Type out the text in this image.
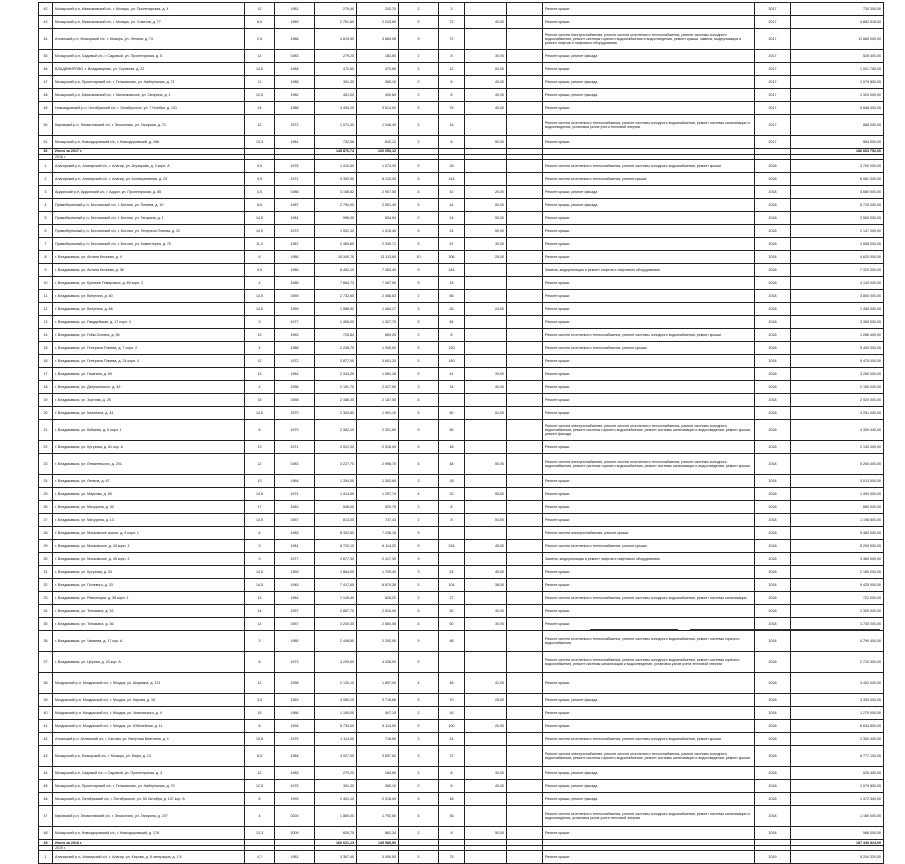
42	Мозырский р-н, Михалковский с/с, г. Мозырь, ул. Пролетарская, д. 4	12	1981	279,40	242,70	2	3			Ремонт крыши	2017	730 300,00
43	Мозырский р-н, Михалковский с/с, г. Мозырь, ул. Советов, д. 77	8,5	1969	2 761,60	2 243,60	5	72	40,00		Ремонт крыши	2017	4 882 518,00
44	Атланский р-н, Мозырский с/с, г. Мозырь, ул. Ленина, д. 74	2,5	1988	4 619,50	3 660,08	9	72			Ремонт систем электроснабжения, ремонт систем отопления и теплоснабжения, ремонт системы холодного водоснабжения, ремонт системы горячего водоснабжения и водоотведения, ремонт крыши, замена, модернизация и ремонт лифтов и лифтового оборудования	2017	11 680 000,00
45	Мозырский р-н, Садовый с/с, г. Садовый, ул. Пролетарская, д. 5	14	1983	279,20	184,60	2	8	30,00		Ремонт крыши, ремонт фасада	2017	526 400,00
46	ВЛАДИМИРОВО, г. Владимирово, ул. Скутиная, д. 22	14,5	1984	470,60	470,60	2	12	53,00		Ремонт крыши	2017	1 001 760,00
47	Мозырский р-н, Пролетарский с/с, г. Тельманово, ул. Набережная, д. 71	11	1985	391,30	365,10	2	8	40,00		Ремонт крыши, ремонт фасада	2017	1 079 800,00
48	Мозырский р-н, Михалковский с/с, г. Михалковское, ул. Гагарина, д. 1	12,5	1982	451,00	400,60	2	8	40,00		Ремонт крыши, ремонт фасада	2017	1 320 000,00
49	Новоаздовский р-н, Октябрьский с/с, г. Октябрьское, ул. 7 Ноября, д. 131	14	1988	3 494,20	3 514,00	5	75	40,00		Ремонт крыши	2017	5 848 400,00
50	Кировский р-н, Эльмотовский с/с, г. Эльмотово, ул. Гагарина, д. 71	12	1972	1 071,40	1 046,40	2	16			Ремонт систем отопления и теплоснабжения, ремонт системы холодного водоснабжения, ремонт системы канализации и водоотведения, установка узлов учета тепловой энергии	2017	888 000,00
51	Мозырский р-н, Новоздоровский с/с, г. Новоздоровский, д. 166	13,3	1981	732,06	642,12	2	8	50,00		Ремонт крыши	2017	584 000,00
52	Итого за 2017 г.			145 876,74	120 050,12							186 663 752,00
	2018 г.											
1	Алагирский р-н, Алагирский с/с, г. Алагир, ул. Агузарова, д. 3 корп. А	4,5	1976	1 410,60	1 274,30	5	28			Ремонт систем отопления и теплоснабжения, ремонт системы холодного водоснабжения, ремонт крыши	2018	3 700 000,00
2	Алагирский р-н, Алагирский с/с, г. Алагир, ул. Кооперативная, д. 23	4,5	1971	9 392,90	8 120,30	5	144			Ремонт систем отопления и теплоснабжения, ремонт крыши	2018	6 081 300,00
3	Ардонский р-н, Ардонский с/с, г. Ардон, ул. Пролетарская, д. 65	3,5	1986	3 158,82	2 907,50	5	42	20,00		Ремонт крыши, ремонт фасада	2018	4 680 000,00
4	Правобережный р-н, Бесланский с/с, г. Беслан, ул. Плиева, д. 10	8,5	1987	2 790,00	2 551,40	5	44	50,00		Ремонт крыши, ремонт фасада	2018	6 715 000,00
5	Правобережный р-н, Бесланский с/с, г. Беслан, ул. Гагарина, д. 1	14,5	1981	996,05	834,54	2	14	50,00		Ремонт крыши	2018	2 500 000,00
6	Правобережный р-н, Бесланский с/с, г. Беслан, ул. Генерала Плиева, д. 22	14,5	1973	1 051,30	1 015,40	5	24	50,00		Ремонт крыши	2018	2 147 000,00
7	Правобережный р-н, Бесланский с/с, г. Беслан, ул. Коминтерна, д. 75	11,3	1987	2 469,80	2 339,71	5	57	30,00		Ремонт крыши	2018	2 858 000,00
8	г. Владикавказ, ул. Астана Кесаева, д. 4	6	1986	15 340,70	13 113,60	10	306	25,00		Ремонт крыши	2018	4 620 000,00
9	г. Владикавказ, ул. Астана Кесаева, д. 36	4,5	1985	8 452,10	7 363,40	9	144			Замена, модернизация и ремонт лифтов и лифтового оборудования	2018	7 320 000,00
10	г. Владикавказ, ул. Братьев Темировых, д. 69 корп. 2	4	1985	7 664,73	7 087,50	9	18			Ремонт крыши	2018	4 140 000,00
11	г. Владикавказ, ул. Ватутина, д. 60	14,5	1959	2 732,60	2 468,83	2	56			Ремонт крыши	2018	3 800 000,00
12	г. Владикавказ, ул. Ватутина, д. 68	14,5	1959	1 588,92	1 484,17	3	26	24,00		Ремонт крыши	2018	1 450 000,00
13	г. Владикавказ, ул. Гвардейская, д. 17 корп. 4	3	1977	1 406,00	1 327,70	5	84			Ремонт крыши	2018	3 350 000,00
14	г. Владикавказ, ул. Гейко Бонита, д. 36	12	1962	725,84	660,20	2	8			Ремонт систем отопления и теплоснабжения, ремонт системы холодного водоснабжения, ремонт крыши	2018	1 286 400,00
15	г. Владикавказ, ул. Генерала Плиева, д. 7 корп. 2	4	1988	2 238,70	1 940,00	5	120			Ремонт систем отопления и теплоснабжения, ремонт крыши	2018	5 400 000,00
16	г. Владикавказ, ул. Генерала Плиева, д. 24 корп. 4	12	1972	3 877,00	3 601,20	5	160			Ремонт крыши	2018	5 470 000,00
17	г. Владикавказ, ул. Гизагина, д. 69	13	1962	2 344,25	1 981,26	5	41	39,00		Ремонт крыши	2018	3 280 000,00
18	г. Владикавказ, ул. Дзержинского, д. 49	4	1956	2 181,70	2 027,50	3	34	40,00		Ремонт крыши	2018	2 160 000,00
19	г. Владикавказ, ул. Зортова, д. 25	15	1958	2 386,30	2 187,50	5				Ремонт крыши	2018	2 920 000,00
20	г. Владикавказ, ул. Калинина, д. 44	14,5	1970	2 300,80	1 991,10	5	80	51,00		Ремонт крыши	2018	4 251 000,00
21	г. Владикавказ, ул. Кобаева, д. 5 корп. 1	6	1979	2 382,10	2 301,60	9	56			Ремонт систем электроснабжения, ремонт систем отопления и теплоснабжения, ремонт системы холодного водоснабжения, ремонт системы горячего водоснабжения, ремонт системы канализации и водоотведения, ремонт крыши, ремонт фасада	2018	4 309 440,00
22	г. Владикавказ, ул. Кутузова, д. 81 кор. А	13	1971	2 512,00	2 516,00	5	48			Ремонт крыши	2018	2 130 000,00
23	г. Владикавказ, ул. Леваневского, д. 201	12	1983	3 227,70	2 998,70	5	48	50,00		Ремонт систем электроснабжения, ремонт систем отопления и теплоснабжения, ремонт системы холодного водоснабжения, ремонт системы горячего водоснабжения, ремонт системы канализации и водоотведения, ремонт крыши	2018	5 264 400,00
24	г. Владикавказ, ул. Ленина, д. 67	13	1964	1 354,00	1 302,60	3	28			Ремонт крыши	2018	3 013 500,00
25	г. Владикавказ, ул. Маркова, д. 55	14,5	1974	1 414,65	1 297,74	4	32	55,00		Ремонт крыши	2018	1 490 000,00
26	г. Владикавказ, ул. Мичурина, д. 30	17	1982	546,00	520,75	2	8			Ремонт крыши	2018	680 000,00
27	г. Владикавказ, ул. Мичурина, д. 13	14,5	1957	813,30	737,43	2	8	54,00		Ремонт крыши	2018	1 198 800,00
28	г. Владикавказ, ул. Московское шоссе, д. 5 корп. 1	6	1983	8 302,60	7 238,15	9				Ремонт систем электроснабжения, ремонт крыши	2018	5 480 000,00
29	г. Владикавказ, ул. Московское, д. 43 корп. 4	3	1981	8 720,10	6 114,20	9	216	45,00		Ремонт систем отопления и теплоснабжения, ремонт крыши	2018	8 290 000,00
30	г. Владикавказ, ул. Московское, д. 45 корп. 2	3	1977	2 677,30	2 417,30	9				Замена, модернизация и ремонт лифтов и лифтового оборудования	2018	3 480 000,00
31	г. Владикавказ, ул. Кутузова, д. 53	14,5	1959	1 864,00	1 709,40	3	24	45,00		Ремонт крыши	2018	2 165 000,00
32	г. Владикавказ, ул. Полевого, д. 33	14,5	1945	7 417,65	6 874,26	5	104	38,00		Ремонт крыши	2018	9 425 000,00
33	г. Владикавказ, ул. Революции, д. 38 корп. 1	13	1962	1 149,40	626,20	2	27			Ремонт систем отопления и теплоснабжения, ремонт системы холодного водоснабжения, ремонт системы канализации	2018	721 000,00
34	г. Владикавказ, ул. Тельмана, д. 33	14	1957	2 867,70	2 510,00	5	52	30,00		Ремонт крыши	2018	2 300 000,00
35	г. Владикавказ, ул. Тельмана, д. 36	14	1957	3 205,30	2 884,06	5	60	30,00		Ремонт крыши	2018	3 730 000,00
36	г. Владикавказ, ул. Чапаева, д. 17 кор. А	3	1980	2 446,60	2 292,90	9	88			Ремонт систем отопления и теплоснабжения, ремонт системы холодного водоснабжения, ремонт системы горячего водоснабжения	2018	4 799 400,00
37	г. Владикавказ, ул. Церная, д. 20 кор. А	8	1973	4 209,60	4 036,00	5				Ремонт систем отопления и теплоснабжения, ремонт системы холодного водоснабжения, ремонт системы горячего водоснабжения, ремонт системы канализации и водоотведения, установка узлов учета тепловой энергии	2018	2 710 000,00
38	Моздокский р-н, Моздокский с/с, г. Моздок, ул. Шаумяна, д. 121	12	1958	2 130,10	1 897,00	4	48	41,00		Ремонт крыши	2018	3 402 000,00
39	Моздокский р-н, Моздокский с/с, г. Моздок, ул. Кирова, д. 16	3,5	1963	4 080,10	3 718,66	5	70	25,00		Ремонт крыши, ремонт фасада	2018	3 393 000,00
40	Моздокский р-н, Моздокский с/с, г. Моздок, ул. Чкаловского, д. 4	15	1966	1 150,00	947,15	2	16			Ремонт крыши	2018	1 270 000,00
41	Моздокский р-н, Моздокский с/с, г. Моздок, ул. Юбилейная, д. 11	8	1994	5 734,00	5 114,50	5	100	20,00		Ремонт крыши	2018	6 634 800,00
42	Атланский р-н, Атланский с/с, г. Беслан, ул. Ватутина Виатлина, д. 1	13,5	1975	1 114,00	718,90	2	24			Ремонт систем отопления и теплоснабжения, ремонт системы холодного водоснабжения, ремонт крыши	2018	2 350 400,00
43	Мозырский р-н, Мозырский с/с, г. Мозырь, ул. Мира, д. 13	8,5	1984	4 527,00	3 697,62	9	72			Ремонт систем электроснабжения, ремонт систем отопления и теплоснабжения, ремонт системы холодного водоснабжения, ремонт системы горячего водоснабжения, ремонт системы канализации и водоотведения, ремонт крыши	2018	8 777 100,00
44	Мозырский р-н, Садовый с/с, г. Садовый, ул. Пролетарская, д. 3	12	1983	279,20	184,60	2	8	30,00		Ремонт крыши, ремонт фасада	2018	526 400,00
45	Мозырский р-н, Пролетарский с/с, г. Тельманово, ул. Набережная, д. 70	12,5	1975	391,30	365,10	2	8	40,00		Ремонт крыши, ремонт фасада	2018	1 079 800,00
46	Мозырский р-н, Октябрьский с/с, г. Октябрьское, ул. 50 Октября, д. 107 кор. А	8	1993	2 401,10	2 018,00	5	48			Ремонт крыши, ремонт фасада	2018	1 472 540,00
47	Кировский р-н, Эльмотовский с/с, г. Эльмотово, ул. Гагарина, д. 197	4	2003	1 880,00	1 792,60	5	36			Ремонт систем отопления и теплоснабжения, ремонт системы холодного водоснабжения, ремонт системы канализации и водоотведения, установка узлов учета тепловой энергии	2018	1 160 000,00
48	Мозырский р-н, Новоздоровский с/с, г. Новоздоровский, д. 178	13,3	2009	830,75	862,34	2	8	50,00		Ремонт крыши	2018	586 000,00
49	Итого за 2018 г.			160 621,13	145 585,90							187 446 824,00
	2019 г.											
1	Алагирский р-н, Алагирский с/с, г. Алагир, ул. Кирова, д. 8 литерация, д. 1 Б	4,7	1981	3 367,40	3 495,50	5	75			Ремонт крыши	2019	5 204 320,00
